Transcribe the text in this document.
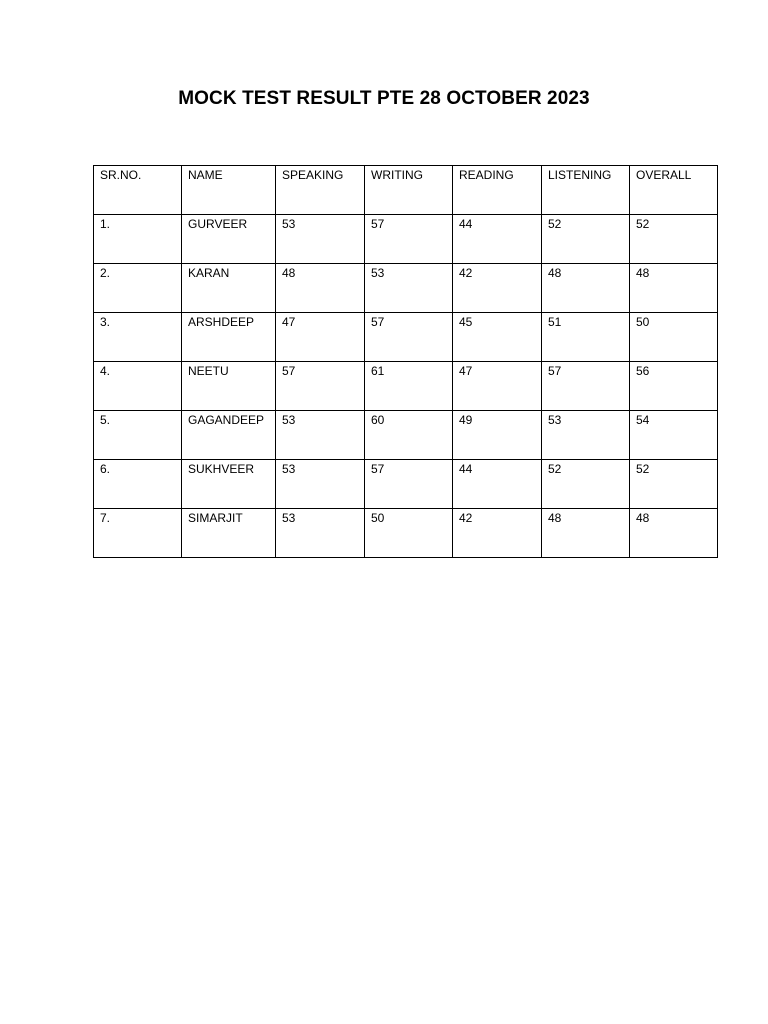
MOCK TEST RESULT PTE 28 OCTOBER 2023
SR.NO.	NAME	SPEAKING	WRITING	READING	LISTENING	OVERALL
1.	GURVEER	53	57	44	52	52
2.	KARAN	48	53	42	48	48
3.	ARSHDEEP	47	57	45	51	50
4.	NEETU	57	61	47	57	56
5.	GAGANDEEP	53	60	49	53	54
6.	SUKHVEER	53	57	44	52	52
7.	SIMARJIT	53	50	42	48	48
